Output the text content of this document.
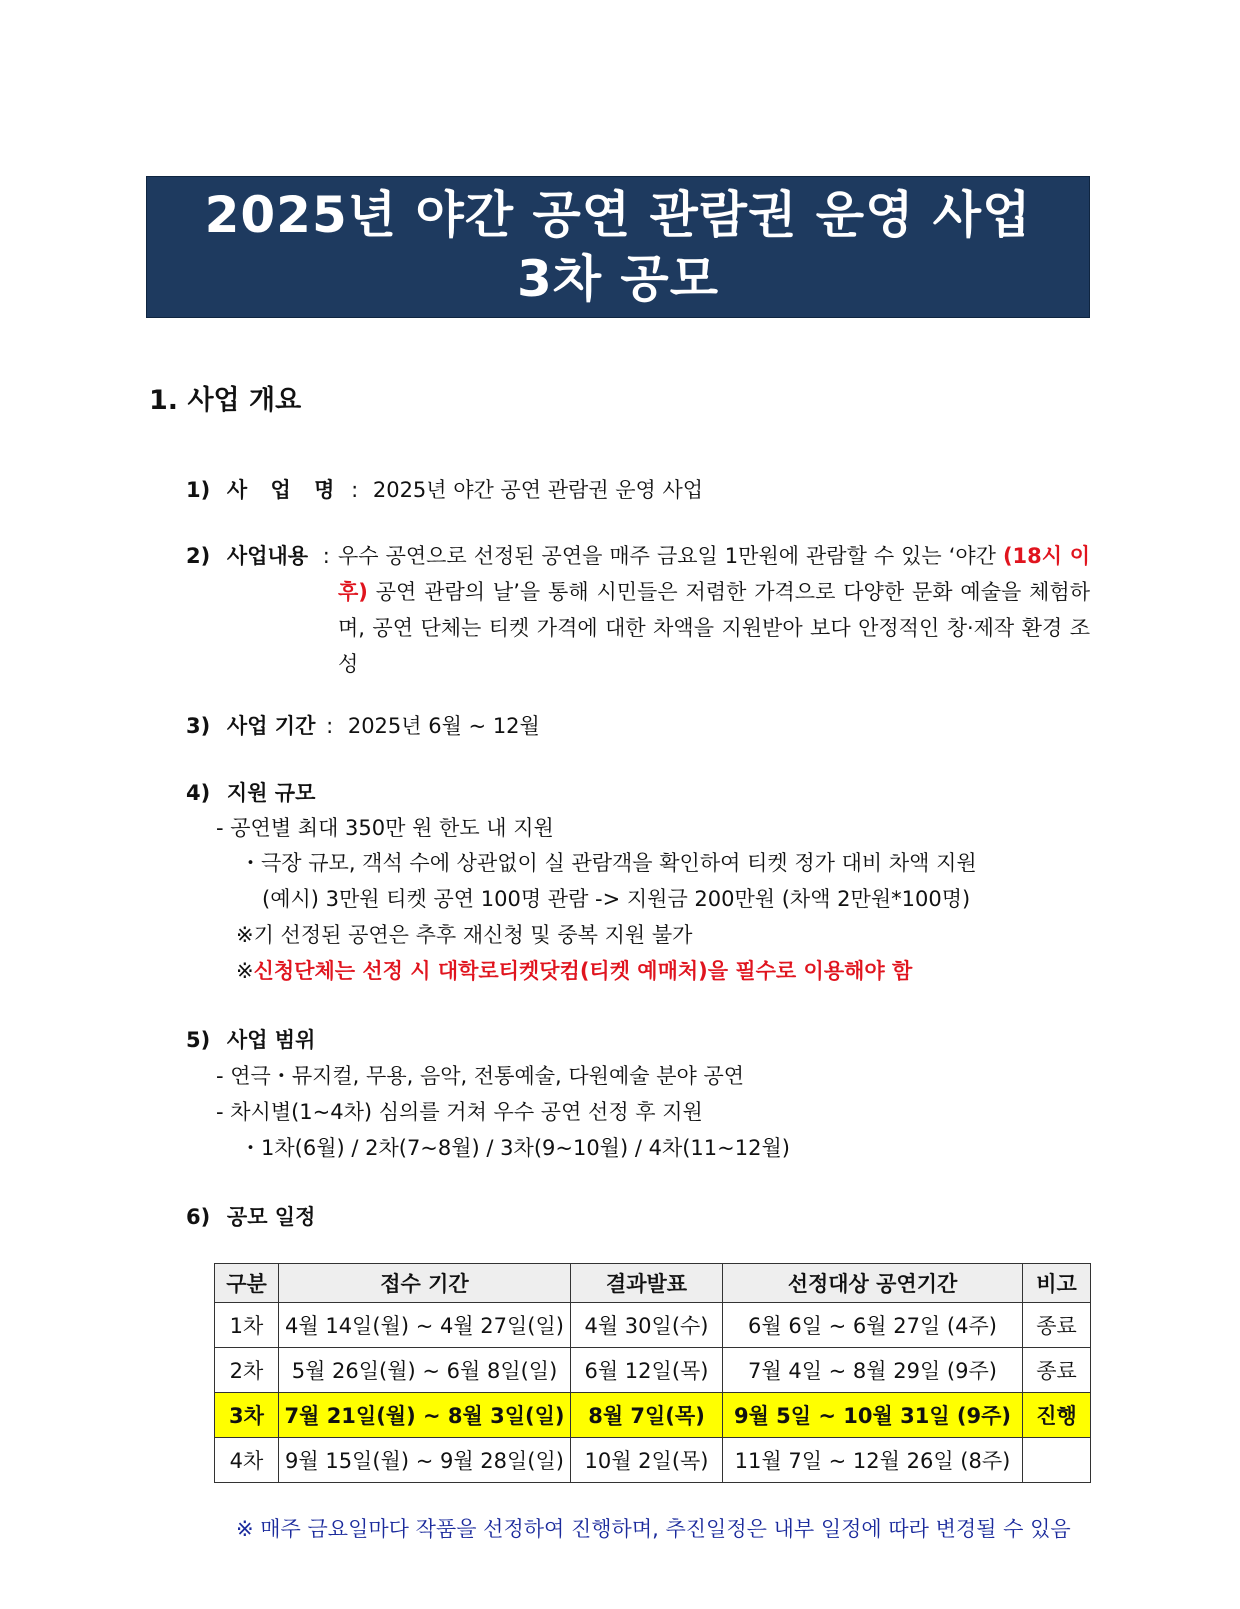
2025년 야간 공연 관람권 운영 사업
3차 공모
1. 사업 개요
1) 사 업 명 : 2025년 야간 공연 관람권 운영 사업
2) 사업내용 : 우수 공연으로 선정된 공연을 매주 금요일 1만원에 관람할 수 있는 ‘야간 (18시 이후) 공연 관람의 날’을 통해 시민들은 저렴한 가격으로 다양한 문화 예술을 체험하며, 공연 단체는 티켓 가격에 대한 차액을 지원받아 보다 안정적인 창·제작 환경 조성
3) 사업 기간 : 2025년 6월 ~ 12월
4) 지원 규모
- 공연별 최대 350만 원 한도 내 지원
・극장 규모, 객석 수에 상관없이 실 관람객을 확인하여 티켓 정가 대비 차액 지원
(예시) 3만원 티켓 공연 100명 관람 -> 지원금 200만원 (차액 2만원*100명)
※기 선정된 공연은 추후 재신청 및 중복 지원 불가
※신청단체는 선정 시 대학로티켓닷컴(티켓 예매처)을 필수로 이용해야 함
5) 사업 범위
- 연극・뮤지컬, 무용, 음악, 전통예술, 다원예술 분야 공연
- 차시별(1~4차) 심의를 거쳐 우수 공연 선정 후 지원
・1차(6월) / 2차(7~8월) / 3차(9~10월) / 4차(11~12월)
6) 공모 일정
구분	접수 기간	결과발표	선정대상 공연기간	비고
1차	4월 14일(월) ~ 4월 27일(일)	4월 30일(수)	6월 6일 ~ 6월 27일 (4주)	종료
2차	5월 26일(월) ~ 6월 8일(일)	6월 12일(목)	7월 4일 ~ 8월 29일 (9주)	종료
3차	7월 21일(월) ~ 8월 3일(일)	8월 7일(목)	9월 5일 ~ 10월 31일 (9주)	진행
4차	9월 15일(월) ~ 9월 28일(일)	10월 2일(목)	11월 7일 ~ 12월 26일 (8주)	
※ 매주 금요일마다 작품을 선정하여 진행하며, 추진일정은 내부 일정에 따라 변경될 수 있음
